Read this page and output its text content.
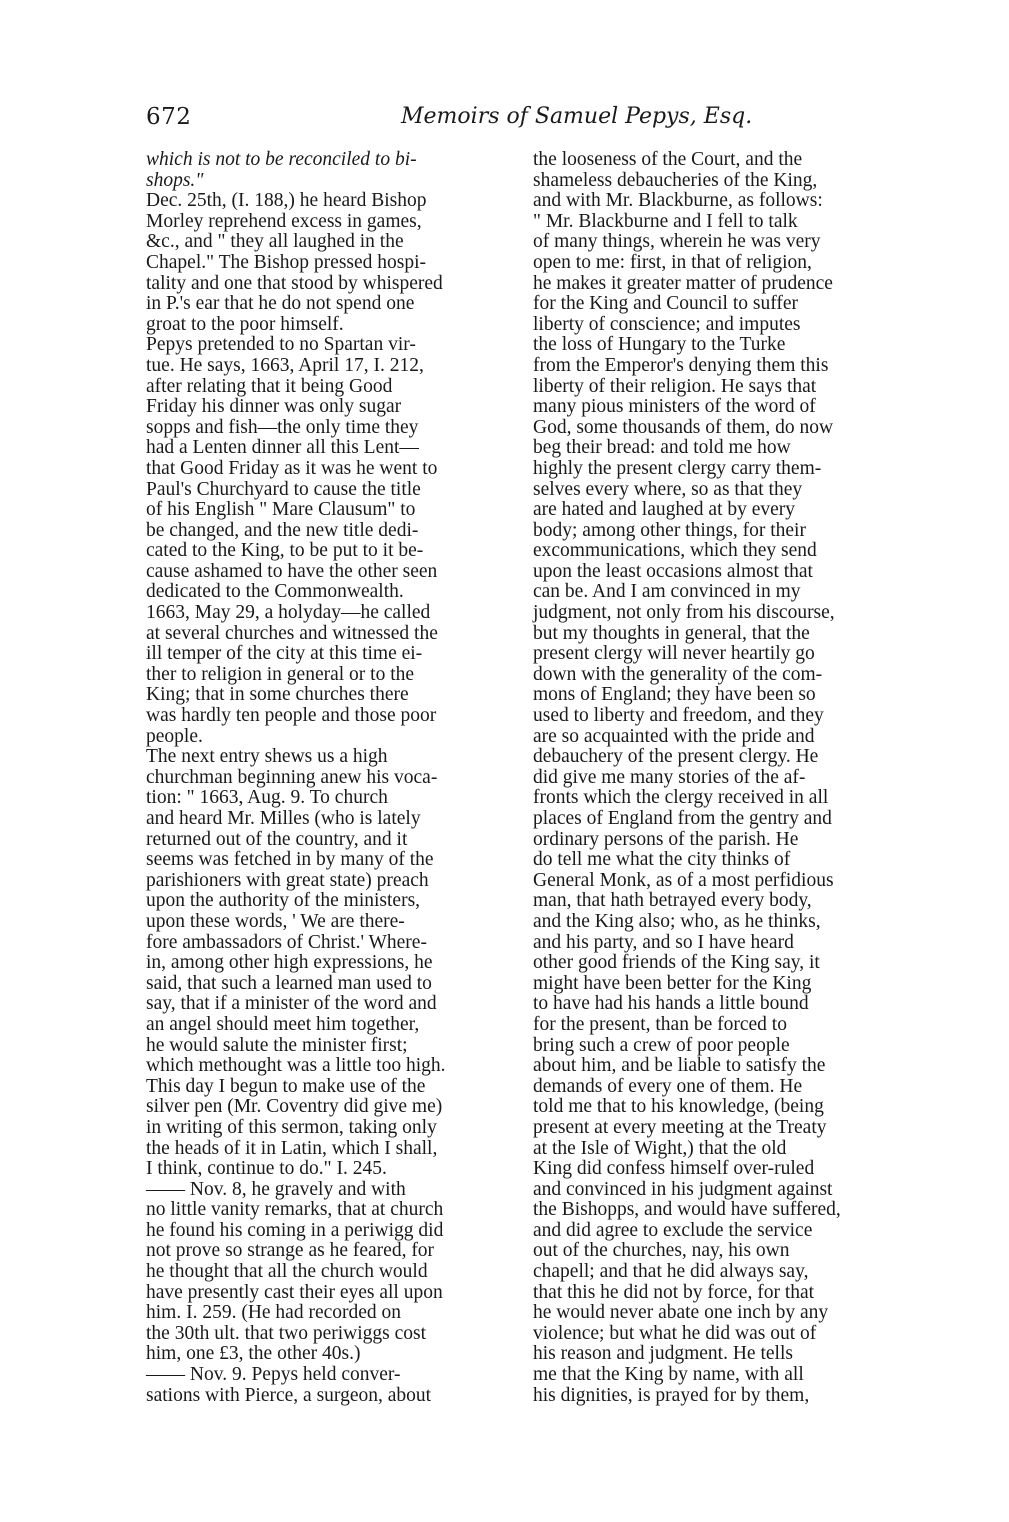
672	Memoirs of Samuel Pepys, Esq.
which is not to be reconciled to bi-
shops."
Dec. 25th, (I. 188,) he heard Bishop
Morley reprehend excess in games,
&c., and " they all laughed in the
Chapel." The Bishop pressed hospi-
tality and one that stood by whispered
in P.'s ear that he do not spend one
groat to the poor himself.
Pepys pretended to no Spartan vir-
tue. He says, 1663, April 17, I. 212,
after relating that it being Good
Friday his dinner was only sugar
sopps and fish—the only time they
had a Lenten dinner all this Lent—
that Good Friday as it was he went to
Paul's Churchyard to cause the title
of his English " Mare Clausum" to
be changed, and the new title dedi-
cated to the King, to be put to it be-
cause ashamed to have the other seen
dedicated to the Commonwealth.
1663, May 29, a holyday—he called
at several churches and witnessed the
ill temper of the city at this time ei-
ther to religion in general or to the
King; that in some churches there
was hardly ten people and those poor
people.
The next entry shews us a high
churchman beginning anew his voca-
tion: " 1663, Aug. 9. To church
and heard Mr. Milles (who is lately
returned out of the country, and it
seems was fetched in by many of the
parishioners with great state) preach
upon the authority of the ministers,
upon these words, ' We are there-
fore ambassadors of Christ.' Where-
in, among other high expressions, he
said, that such a learned man used to
say, that if a minister of the word and
an angel should meet him together,
he would salute the minister first;
which methought was a little too high.
This day I begun to make use of the
silver pen (Mr. Coventry did give me)
in writing of this sermon, taking only
the heads of it in Latin, which I shall,
I think, continue to do." I. 245.
—— Nov. 8, he gravely and with
no little vanity remarks, that at church
he found his coming in a periwigg did
not prove so strange as he feared, for
he thought that all the church would
have presently cast their eyes all upon
him. I. 259. (He had recorded on
the 30th ult. that two periwiggs cost
him, one £3, the other 40s.)
—— Nov. 9. Pepys held conver-
sations with Pierce, a surgeon, about
the looseness of the Court, and the
shameless debaucheries of the King,
and with Mr. Blackburne, as follows:
" Mr. Blackburne and I fell to talk
of many things, wherein he was very
open to me: first, in that of religion,
he makes it greater matter of prudence
for the King and Council to suffer
liberty of conscience; and imputes
the loss of Hungary to the Turke
from the Emperor's denying them this
liberty of their religion. He says that
many pious ministers of the word of
God, some thousands of them, do now
beg their bread: and told me how
highly the present clergy carry them-
selves every where, so as that they
are hated and laughed at by every
body; among other things, for their
excommunications, which they send
upon the least occasions almost that
can be. And I am convinced in my
judgment, not only from his discourse,
but my thoughts in general, that the
present clergy will never heartily go
down with the generality of the com-
mons of England; they have been so
used to liberty and freedom, and they
are so acquainted with the pride and
debauchery of the present clergy. He
did give me many stories of the af-
fronts which the clergy received in all
places of England from the gentry and
ordinary persons of the parish. He
do tell me what the city thinks of
General Monk, as of a most perfidious
man, that hath betrayed every body,
and the King also; who, as he thinks,
and his party, and so I have heard
other good friends of the King say, it
might have been better for the King
to have had his hands a little bound
for the present, than be forced to
bring such a crew of poor people
about him, and be liable to satisfy the
demands of every one of them. He
told me that to his knowledge, (being
present at every meeting at the Treaty
at the Isle of Wight,) that the old
King did confess himself over-ruled
and convinced in his judgment against
the Bishopps, and would have suffered,
and did agree to exclude the service
out of the churches, nay, his own
chapell; and that he did always say,
that this he did not by force, for that
he would never abate one inch by any
violence; but what he did was out of
his reason and judgment. He tells
me that the King by name, with all
his dignities, is prayed for by them,
